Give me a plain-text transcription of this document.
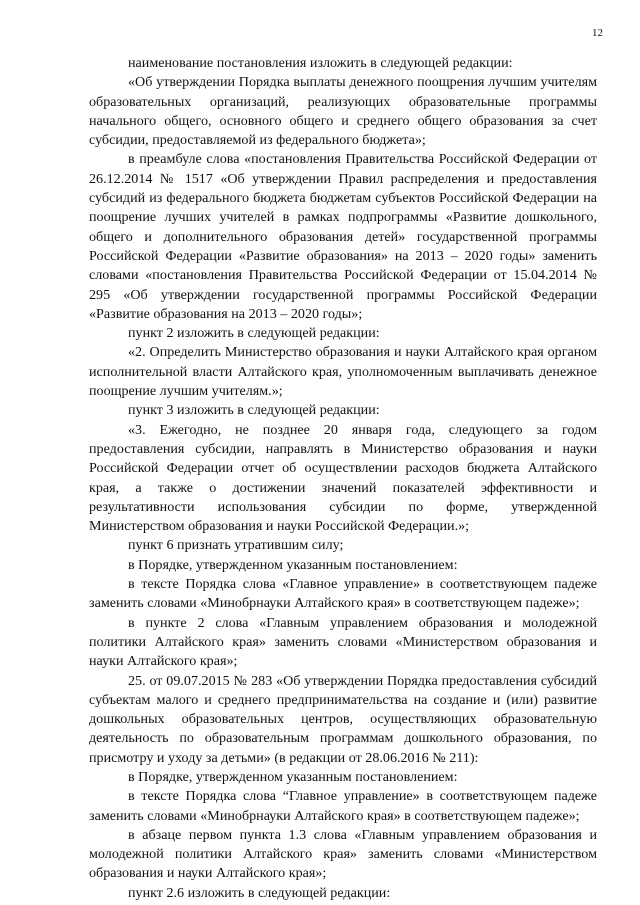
12

наименование постановления изложить в следующей редакции:

«Об утверждении Порядка выплаты денежного поощрения лучшим учителям образовательных организаций, реализующих образовательные программы начального общего, основного общего и среднего общего образования за счет субсидии, предоставляемой из федерального бюджета»;

в преамбуле слова «постановления Правительства Российской Федерации от 26.12.2014 № 1517 «Об утверждении Правил распределения и предоставления субсидий из федерального бюджета бюджетам субъектов Российской Федерации на поощрение лучших учителей в рамках подпрограммы «Развитие дошкольного, общего и дополнительного образования детей» государственной программы Российской Федерации «Развитие образования» на 2013 – 2020 годы» заменить словами «постановления Правительства Российской Федерации от 15.04.2014 № 295 «Об утверждении государственной программы Российской Федерации «Развитие образования на 2013 – 2020 годы»;

пункт 2 изложить в следующей редакции:

«2. Определить Министерство образования и науки Алтайского края органом исполнительной власти Алтайского края, уполномоченным выплачивать денежное поощрение лучшим учителям.»;

пункт 3 изложить в следующей редакции:

«3. Ежегодно, не позднее 20 января года, следующего за годом предоставления субсидии, направлять в Министерство образования и науки Российской Федерации отчет об осуществлении расходов бюджета Алтайского края, а также о достижении значений показателей эффективности и результативности использования субсидии по форме, утвержденной Министерством образования и науки Российской Федерации.»;

пункт 6 признать утратившим силу;

в Порядке, утвержденном указанным постановлением:

в тексте Порядка слова «Главное управление» в соответствующем падеже заменить словами «Минобрнауки Алтайского края» в соответствующем падеже»;

в пункте 2 слова «Главным управлением образования и молодежной политики Алтайского края» заменить словами «Министерством образования и науки Алтайского края»;

25. от 09.07.2015 № 283 «Об утверждении Порядка предоставления субсидий субъектам малого и среднего предпринимательства на создание и (или) развитие дошкольных образовательных центров, осуществляющих образовательную деятельность по образовательным программам дошкольного образования, по присмотру и уходу за детьми» (в редакции от 28.06.2016 № 211):

в Порядке, утвержденном указанным постановлением:

в тексте Порядка слова “Главное управление» в соответствующем падеже заменить словами «Минобрнауки Алтайского края» в соответствующем падеже»;

в абзаце первом пункта 1.3 слова «Главным управлением образования и молодежной политики Алтайского края» заменить словами «Министерством образования и науки Алтайского края»;

пункт 2.6 изложить в следующей редакции:
